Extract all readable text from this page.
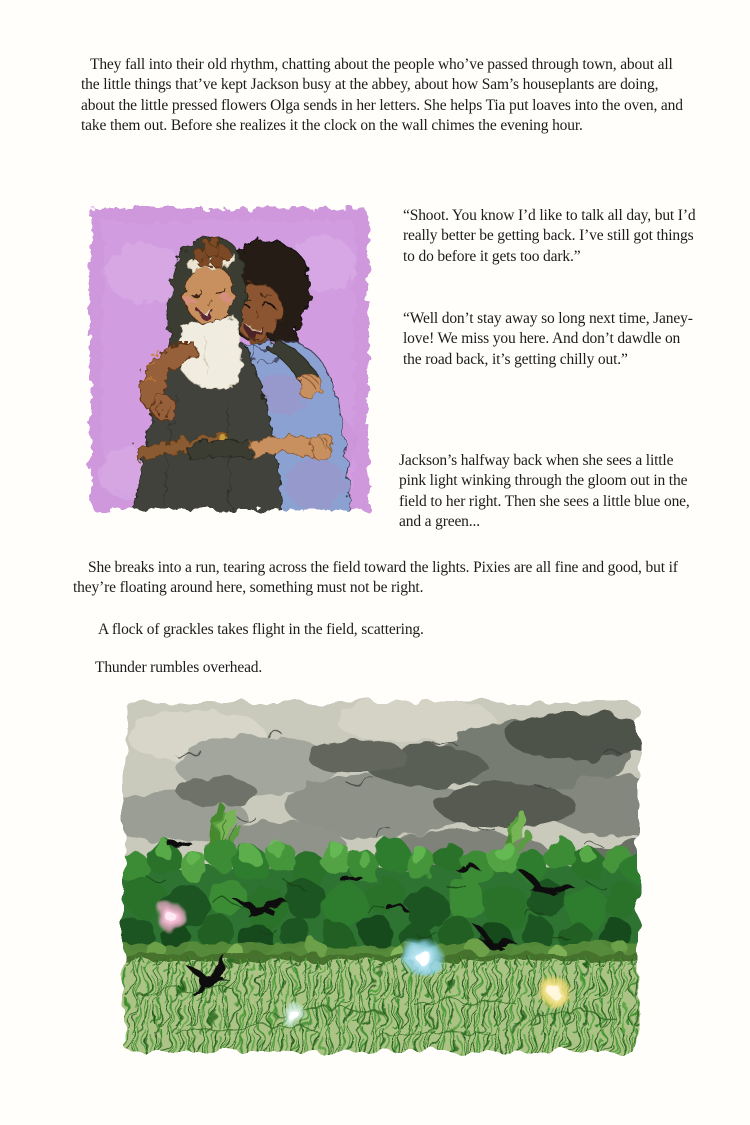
They fall into their old rhythm, chatting about the people who’ve passed through town, about all the little things that’ve kept Jackson busy at the abbey, about how Sam’s houseplants are doing, about the little pressed flowers Olga sends in her letters. She helps Tia put loaves into the oven, and take them out. Before she realizes it the clock on the wall chimes the evening hour.

“Shoot. You know I’d like to talk all day, but I’d really better be getting back. I’ve still got things to do before it gets too dark.”

“Well don’t stay away so long next time, Janey-love! We miss you here. And don’t dawdle on the road back, it’s getting chilly out.”

Jackson’s halfway back when she sees a little pink light winking through the gloom out in the field to her right. Then she sees a little blue one, and a green...

She breaks into a run, tearing across the field toward the lights. Pixies are all fine and good, but if they’re floating around here, something must not be right.

A flock of grackles takes flight in the field, scattering.

Thunder rumbles overhead.
